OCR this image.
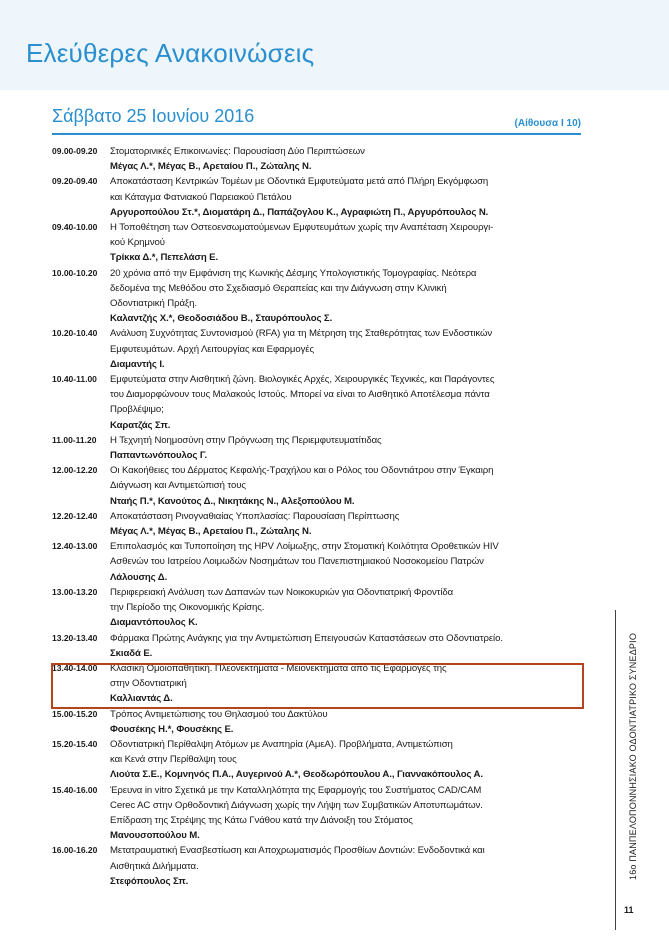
Ελεύθερες Ανακοινώσεις
Σάββατο 25 Ιουνίου 2016	(Αίθουσα Ι 10)
09.00-09.20	Στοματορινικές Επικοινωνίες: Παρουσίαση Δύο Περιπτώσεων
Μέγας Λ.*, Μέγας Β., Αρεταίου Π., Ζώταλης Ν.
09.20-09.40	Αποκατάσταση Κεντρικών Τομέων με Οδοντικά Εμφυτεύματα μετά από Πλήρη Εκγόμφωση
και Κάταγμα Φατνιακού Παρειακού Πετάλου
Αργυροπούλου Στ.*, Διοματάρη Δ., Παπάζογλου Κ., Αγραφιώτη Π., Αργυρόπουλος Ν.
09.40-10.00	Η Τοποθέτηση των Οστεοενσωματούμενων Εμφυτευμάτων χωρίς την Αναπέταση Χειρουργι-
κού Κρημνού
Τρίκκα Δ.*, Πεπελάση Ε.
10.00-10.20	20 χρόνια από την Εμφάνιση της Κωνικής Δέσμης Υπολογιστικής Τομογραφίας. Νεότερα
δεδομένα της Μεθόδου στο Σχεδιασμό Θεραπείας και την Διάγνωση στην Κλινική
Οδοντιατρική Πράξη.
Καλαντζής Χ.*, Θεοδοσιάδου Β., Σταυρόπουλος Σ.
10.20-10.40	Ανάλυση Συχνότητας Συντονισμού (RFA) για τη Μέτρηση της Σταθερότητας των Ενδοστικών
Εμφυτευμάτων. Αρχή Λειτουργίας και Εφαρμογές
Διαμαντής Ι.
10.40-11.00	Εμφυτεύματα στην Αισθητική ζώνη. Βιολογικές Αρχές, Χειρουργικές Τεχνικές, και Παράγοντες
του Διαμορφώνουν τους Μαλακούς Ιστούς. Μπορεί να είναι το Αισθητικό Αποτέλεσμα πάντα
Προβλέψιμο;
Καρατζάς Σπ.
11.00-11.20	Η Τεχνητή Νοημοσύνη στην Πρόγνωση της Περιεμφυτευματίτιδας
Παπαντωνόπουλος Γ.
12.00-12.20	Οι Κακοήθειες του Δέρματος Κεφαλής-Τραχήλου και ο Ρόλος του Οδοντιάτρου στην Έγκαιρη
Διάγνωση και Αντιμετώπισή τους
Νταής Π.*, Κανούτος Δ., Νικητάκης Ν., Αλεξοπούλου Μ.
12.20-12.40	Αποκατάσταση Ρινογναθιαίας Υποπλασίας: Παρουσίαση Περίπτωσης
Μέγας Λ.*, Μέγας Β., Αρεταίου Π., Ζώταλης Ν.
12.40-13.00	Επιπολασμός και Τυποποίηση της HPV Λοίμωξης, στην Στοματική Κοιλότητα Οροθετικών HIV
Ασθενών του Ιατρείου Λοιμωδών Νοσημάτων του Πανεπιστημιακού Νοσοκομείου Πατρών
Λάλουσης Δ.
13.00-13.20	Περιφερειακή Ανάλυση των Δαπανών των Νοικοκυριών για Οδοντιατρική Φροντίδα
την Περίοδο της Οικονομικής Κρίσης.
Διαμαντόπουλος Κ.
13.20-13.40	Φάρμακα Πρώτης Ανάγκης για την Αντιμετώπιση Επειγουσών Καταστάσεων στο Οδοντιατρείο.
Σκιαδά Ε.
13.40-14.00	Κλασική Ομοιοπαθητική. Πλεονεκτήματα - Μειονεκτήματα από τις Εφαρμογές της
στην Οδοντιατρική
Καλλιαντάς Δ.
15.00-15.20	Τρόπος Αντιμετώπισης του Θηλασμού του Δακτύλου
Φουσέκης Η.*, Φουσέκης Ε.
15.20-15.40	Οδοντιατρική Περίθαλψη Ατόμων με Αναπηρία (ΑμεΑ). Προβλήματα, Αντιμετώπιση
και Κενά στην Περίθαλψη τους
Λιούτα Σ.Ε., Κομνηνός Π.Α., Αυγερινού Α.*, Θεοδωρόπουλου Α., Γιαννακόπουλος Α.
15.40-16.00	Έρευνα in vitro Σχετικά με την Καταλληλότητα της Εφαρμογής του Συστήματος CAD/CAM
Cerec AC στην Ορθοδοντική Διάγνωση χωρίς την Λήψη των Συμβατικών Αποτυπωμάτων.
Επίδραση της Στρέψης της Κάτω Γνάθου κατά την Διάνοιξη του Στόματος
Μανουσοπούλου Μ.
16.00-16.20	Μετατραυματική Ενασβεστίωση και Αποχρωματισμός Προσθίων Δοντιών: Ενδοδοντικά και
Αισθητικά Διλήμματα.
Στεφόπουλος Σπ.
16ο ΠΑΝΠΕΛΟΠΟΝΝΗΣΙΑΚΟ ΟΔΟΝΤΙΑΤΡΙΚΟ ΣΥΝΕΔΡΙΟ
11
